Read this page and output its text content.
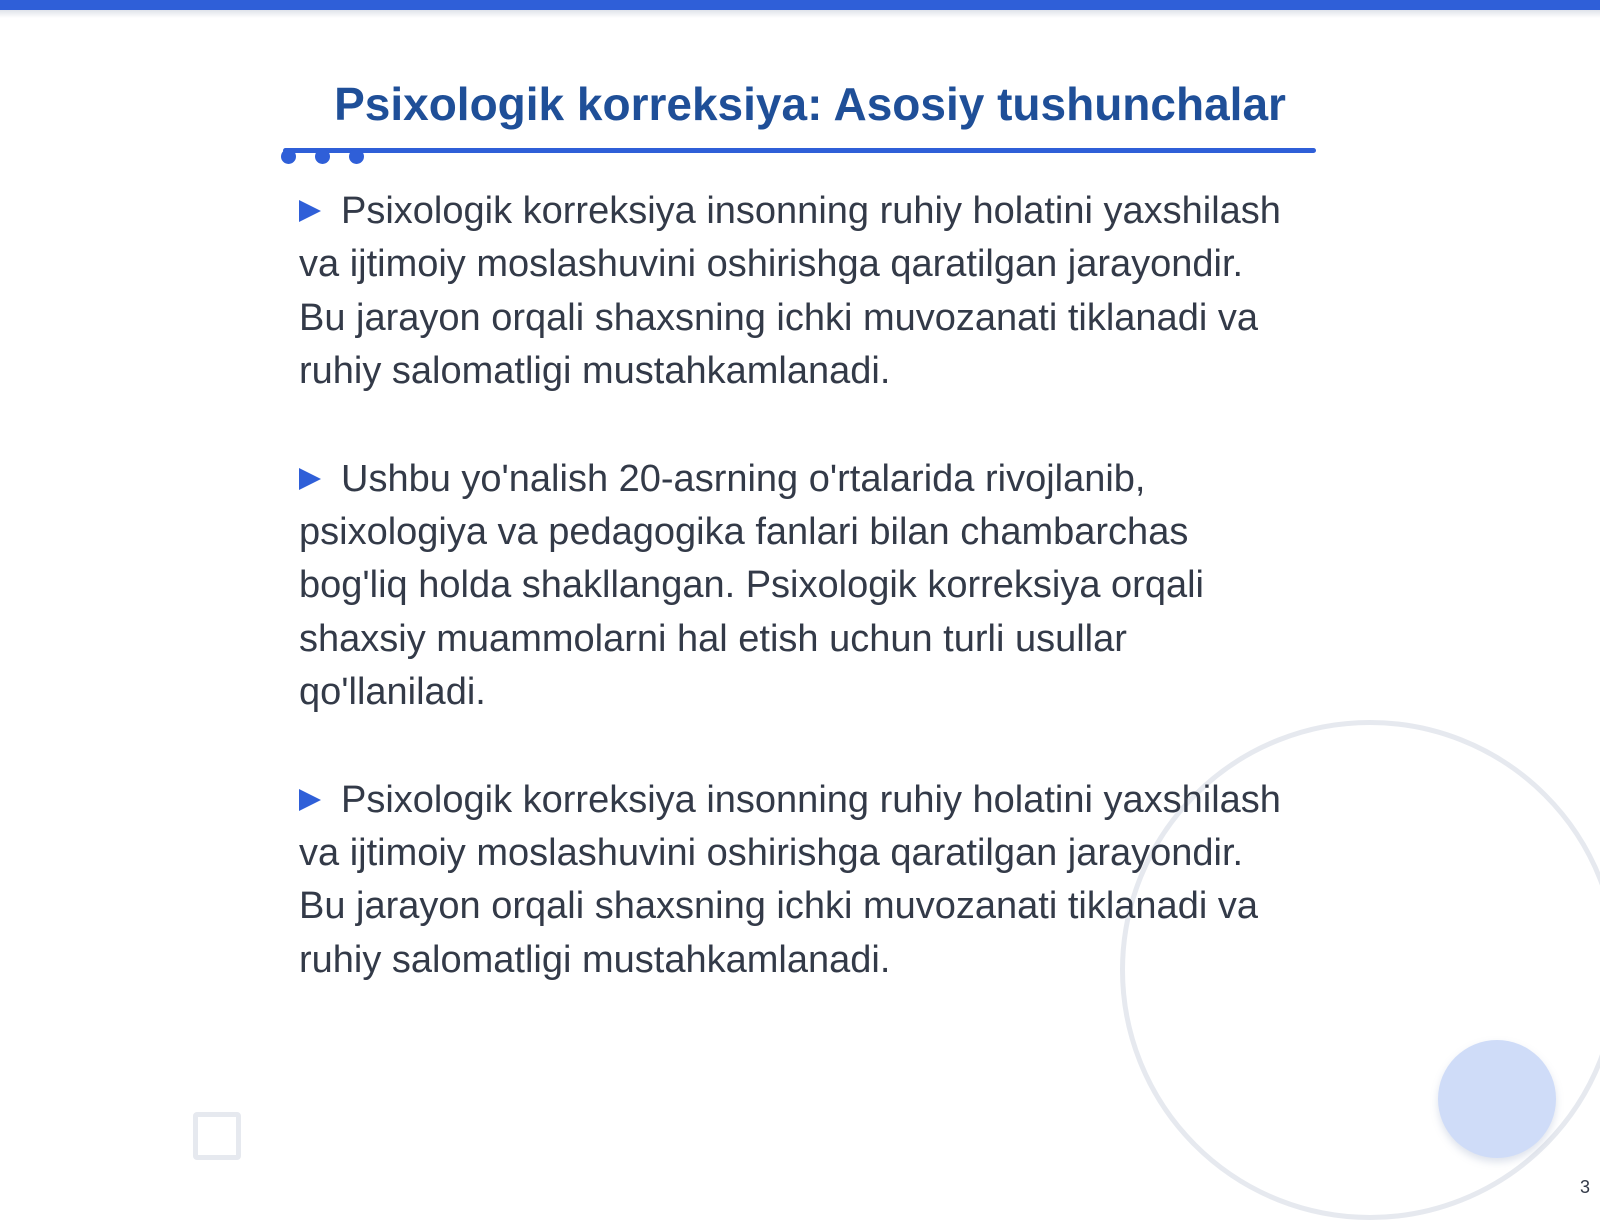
Psixologik korreksiya: Asosiy tushunchalar

Psixologik korreksiya insonning ruhiy holatini yaxshilash va ijtimoiy moslashuvini oshirishga qaratilgan jarayondir. Bu jarayon orqali shaxsning ichki muvozanati tiklanadi va ruhiy salomatligi mustahkamlanadi.

Ushbu yo'nalish 20-asrning o'rtalarida rivojlanib, psixologiya va pedagogika fanlari bilan chambarchas bog'liq holda shakllangan. Psixologik korreksiya orqali shaxsiy muammolarni hal etish uchun turli usullar qo'llaniladi.

Psixologik korreksiya insonning ruhiy holatini yaxshilash va ijtimoiy moslashuvini oshirishga qaratilgan jarayondir. Bu jarayon orqali shaxsning ichki muvozanati tiklanadi va ruhiy salomatligi mustahkamlanadi.

3
